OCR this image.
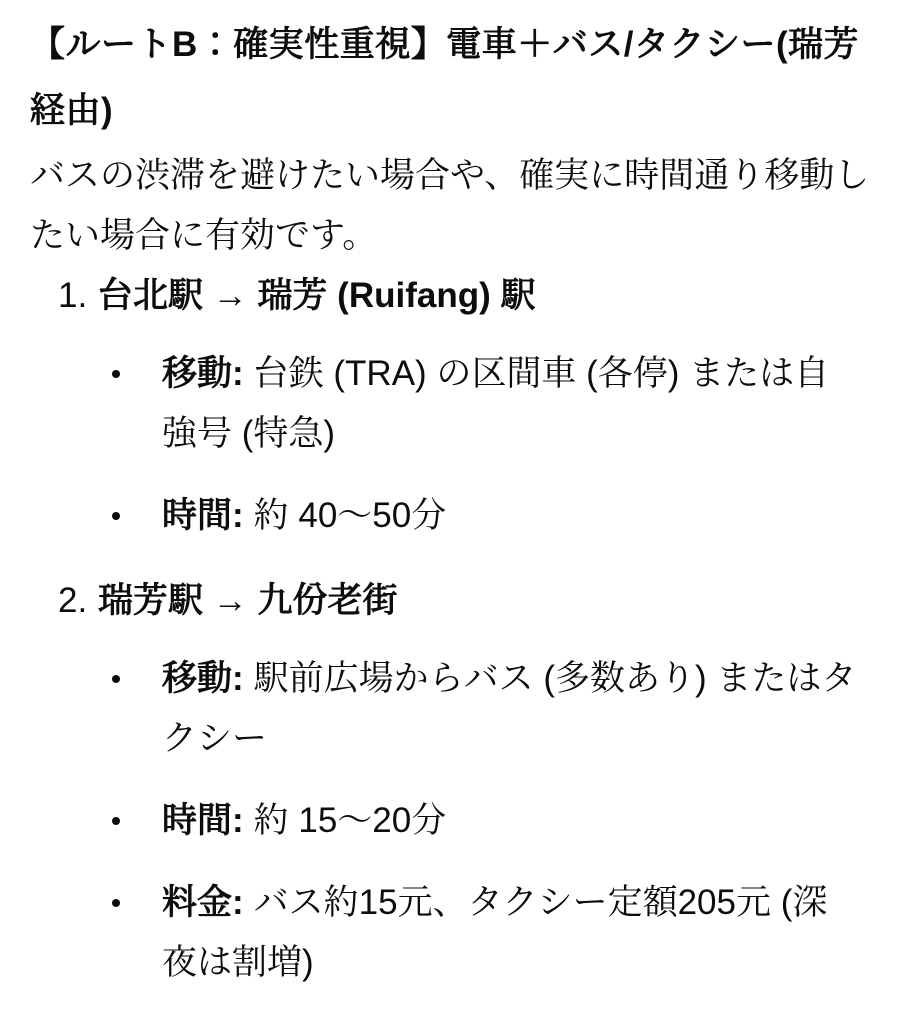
【ルートB：確実性重視】電車＋バス/タクシー(瑞芳経由)

バスの渋滞を避けたい場合や、確実に時間通り移動したい場合に有効です。

1. 台北駅 → 瑞芳 (Ruifang) 駅
移動: 台鉄 (TRA) の区間車 (各停) または自強号 (特急)
時間: 約 40〜50分
2. 瑞芳駅 → 九份老街
移動: 駅前広場からバス (多数あり) またはタクシー
時間: 約 15〜20分
料金: バス約15元、タクシー定額205元 (深夜は割増)
